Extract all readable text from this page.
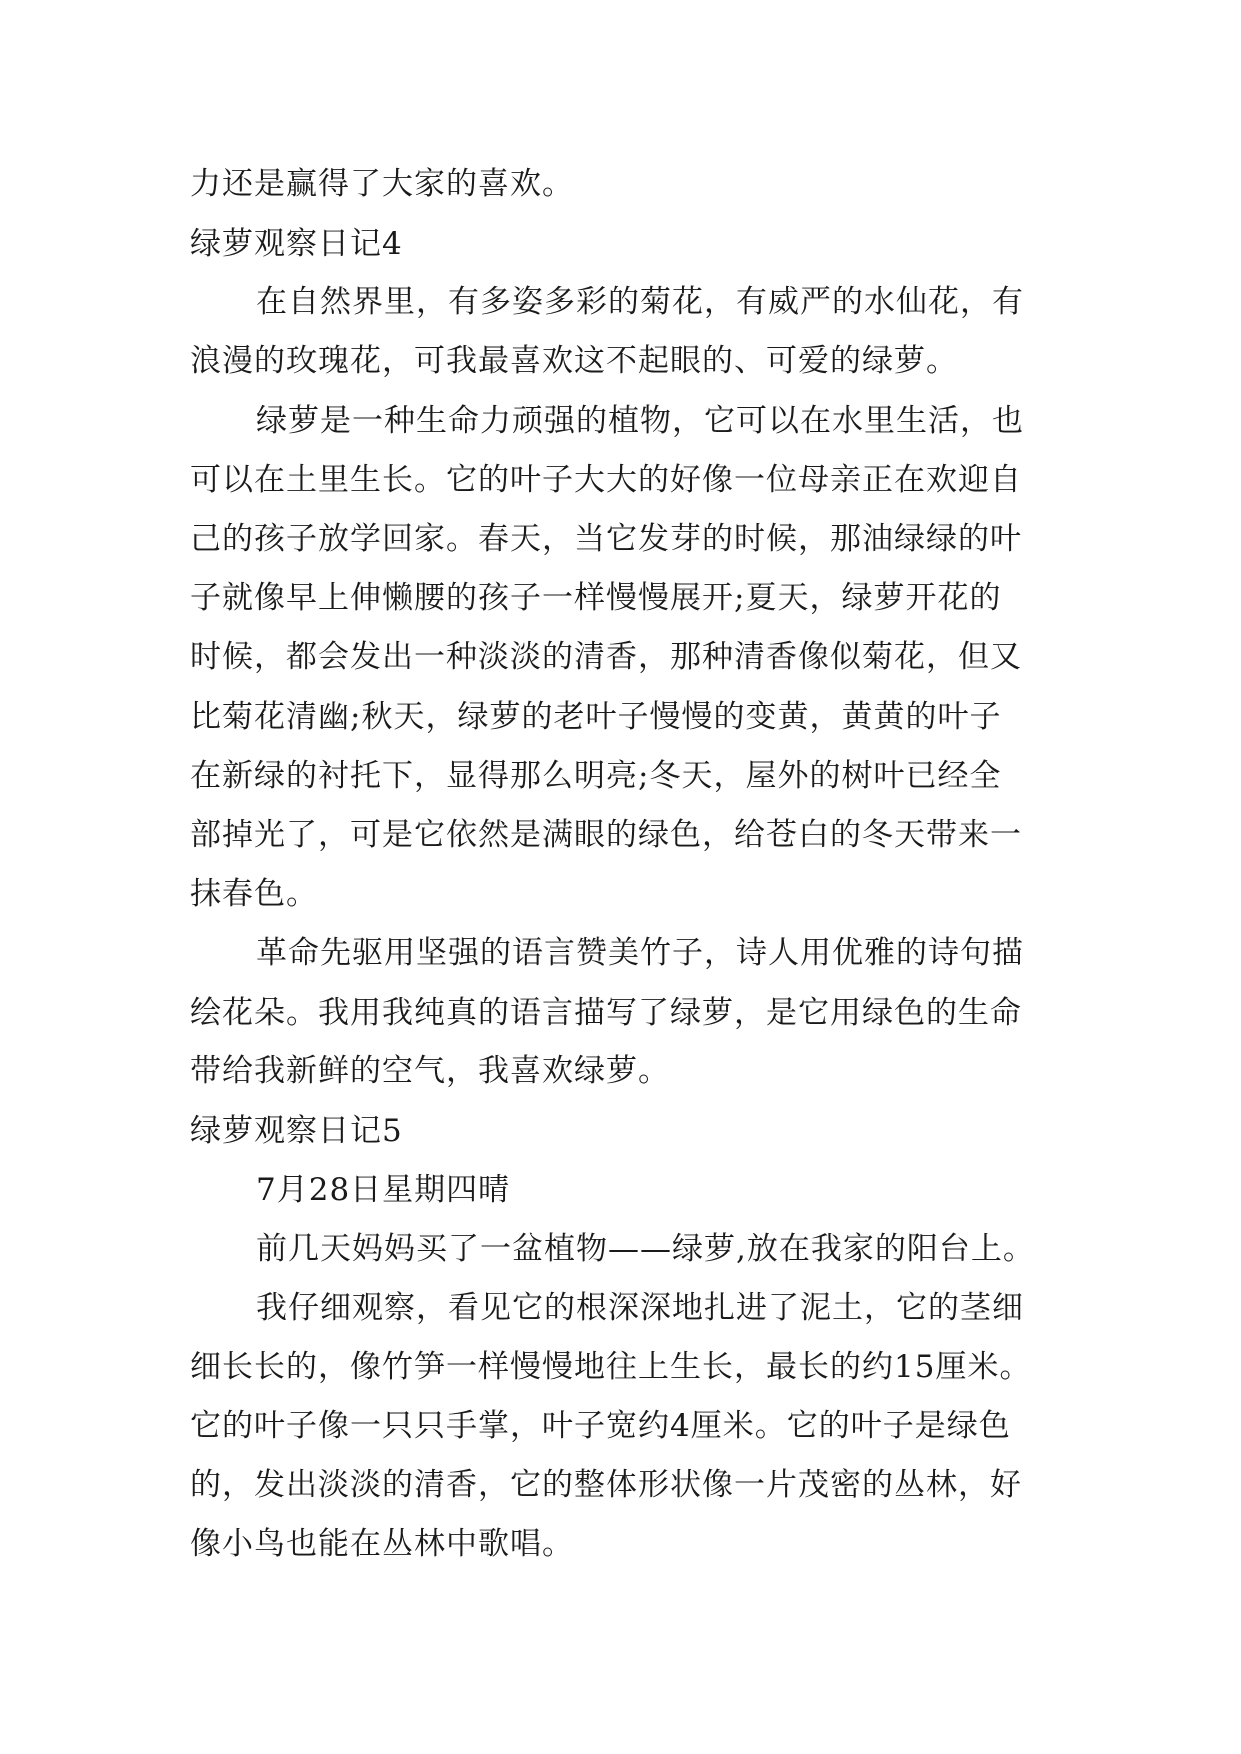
力还是赢得了大家的喜欢。
绿萝观察日记4
在自然界里，有多姿多彩的菊花，有威严的水仙花，有
浪漫的玫瑰花，可我最喜欢这不起眼的、可爱的绿萝。
绿萝是一种生命力顽强的植物，它可以在水里生活，也
可以在土里生长。它的叶子大大的好像一位母亲正在欢迎自
己的孩子放学回家。春天，当它发芽的时候，那油绿绿的叶
子就像早上伸懒腰的孩子一样慢慢展开;夏天，绿萝开花的
时候，都会发出一种淡淡的清香，那种清香像似菊花，但又
比菊花清幽;秋天，绿萝的老叶子慢慢的变黄，黄黄的叶子
在新绿的衬托下，显得那么明亮;冬天，屋外的树叶已经全
部掉光了，可是它依然是满眼的绿色，给苍白的冬天带来一
抹春色。
革命先驱用坚强的语言赞美竹子，诗人用优雅的诗句描
绘花朵。我用我纯真的语言描写了绿萝，是它用绿色的生命
带给我新鲜的空气，我喜欢绿萝。
绿萝观察日记5
7月28日星期四晴
前几天妈妈买了一盆植物——绿萝,放在我家的阳台上。
我仔细观察，看见它的根深深地扎进了泥土，它的茎细
细长长的，像竹笋一样慢慢地往上生长，最长的约15厘米。
它的叶子像一只只手掌，叶子宽约4厘米。它的叶子是绿色
的，发出淡淡的清香，它的整体形状像一片茂密的丛林，好
像小鸟也能在丛林中歌唱。
